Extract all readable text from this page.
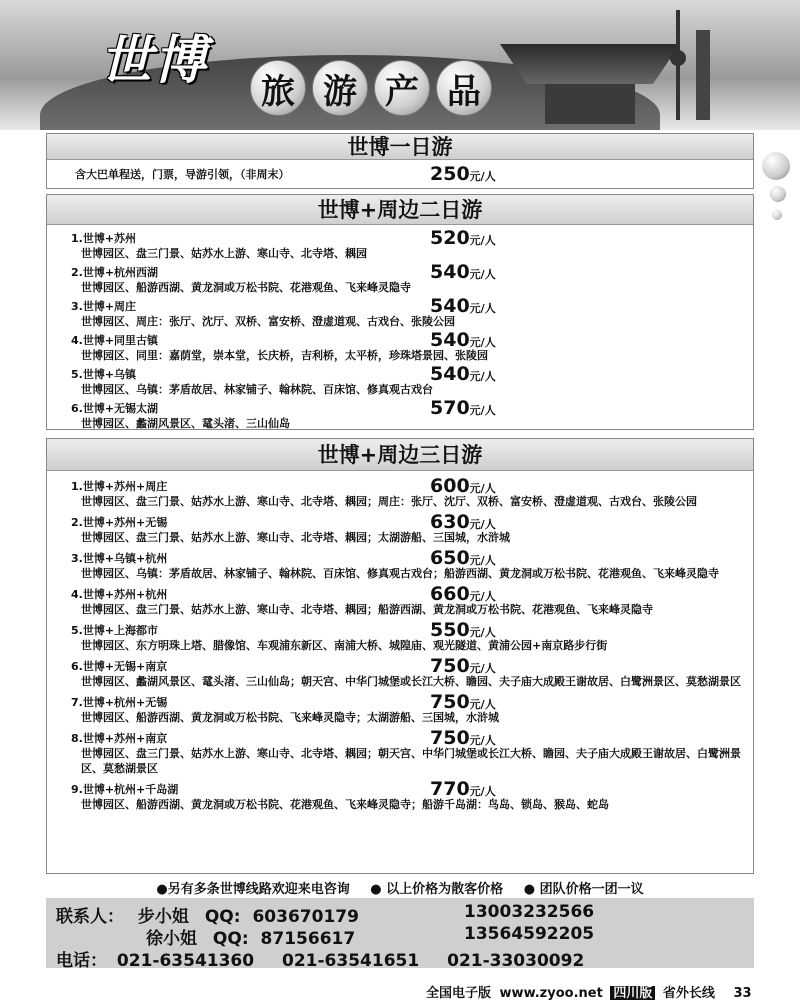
世博
旅 游 产 品
世博一日游
含大巴单程送，门票，导游引领，（非周末）	250元/人
世博+周边二日游
1.世博+苏州	520元/人
世博园区、盘三门景、姑苏水上游、寒山寺、北寺塔、耦园
2.世博+杭州西湖	540元/人
世博园区、船游西湖、黄龙洞或万松书院、花港观鱼、飞来峰灵隐寺
3.世博+周庄	540元/人
世博园区、周庄：张厅、沈厅、双桥、富安桥、澄虚道观、古戏台、张陵公园
4.世博+同里古镇	540元/人
世博园区、同里：嘉荫堂，崇本堂，长庆桥，吉利桥，太平桥，珍珠塔景园、张陵园
5.世博+乌镇	540元/人
世博园区、乌镇：茅盾故居、林家铺子、翰林院、百床馆、修真观古戏台
6.世博+无锡太湖	570元/人
世博园区、蠡湖风景区、鼋头渚、三山仙岛
世博+周边三日游
1.世博+苏州+周庄	600元/人
世博园区、盘三门景、姑苏水上游、寒山寺、北寺塔、耦园；周庄：张厅、沈厅、双桥、富安桥、澄虚道观、古戏台、张陵公园
2.世博+苏州+无锡	630元/人
世博园区、盘三门景、姑苏水上游、寒山寺、北寺塔、耦园；太湖游船、三国城，水浒城
3.世博+乌镇+杭州	650元/人
世博园区、乌镇：茅盾故居、林家铺子、翰林院、百床馆、修真观古戏台；船游西湖、黄龙洞或万松书院、花港观鱼、飞来峰灵隐寺
4.世博+苏州+杭州	660元/人
世博园区、盘三门景、姑苏水上游、寒山寺、北寺塔、耦园；船游西湖、黄龙洞或万松书院、花港观鱼、飞来峰灵隐寺
5.世博+上海都市	550元/人
世博园区、东方明珠上塔、腊像馆、车观浦东新区、南浦大桥、城隍庙、观光隧道、黄浦公园+南京路步行街
6.世博+无锡+南京	750元/人
世博园区、蠡湖风景区、鼋头渚、三山仙岛；朝天宫、中华门城堡或长江大桥、瞻园、夫子庙大成殿王谢故居、白鹭洲景区、莫愁湖景区
7.世博+杭州+无锡	750元/人
世博园区、船游西湖、黄龙洞或万松书院、飞来峰灵隐寺；太湖游船、三国城，水浒城
8.世博+苏州+南京	750元/人
世博园区、盘三门景、姑苏水上游、寒山寺、北寺塔、耦园；朝天宫、中华门城堡或长江大桥、瞻园、夫子庙大成殿王谢故居、白鹭洲景区、莫愁湖景区
9.世博+杭州+千岛湖	770元/人
世博园区、船游西湖、黄龙洞或万松书院、花港观鱼、飞来峰灵隐寺；船游千岛湖：鸟岛、锁岛、猴岛、蛇岛
●另有多条世博线路欢迎来电咨询 ● 以上价格为散客价格 ● 团队价格一团一议
联系人： 步小姐 QQ: 603670179	13003232566
徐小姐 QQ: 87156617	13564592205
电话： 021-63541360 021-63541651 021-33030092
全国电子版 www.zyoo.net 四川版 省外长线 33
